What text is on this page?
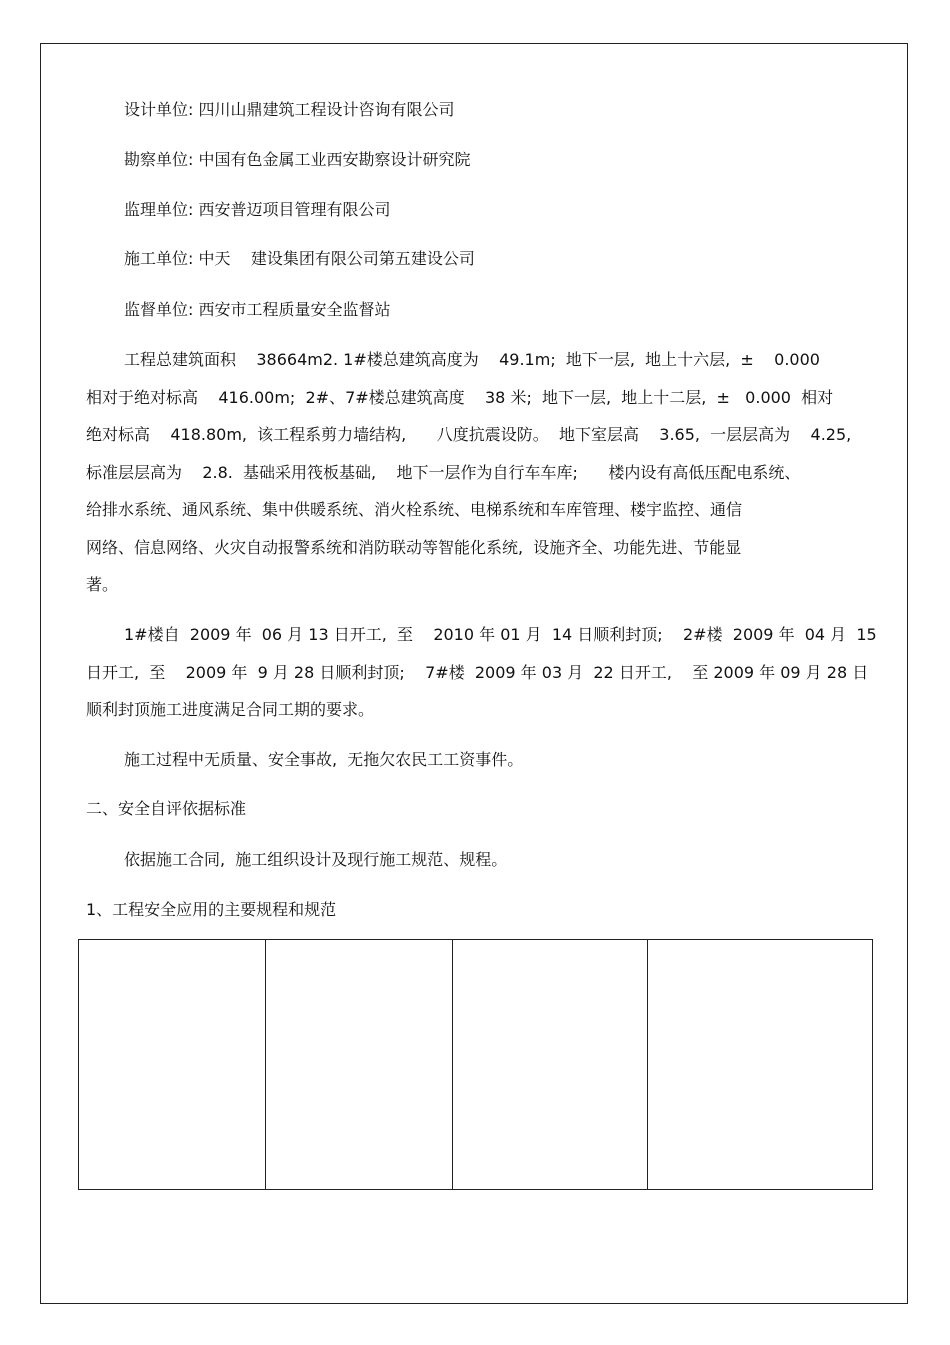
设计单位: 四川山鼎建筑工程设计咨询有限公司

勘察单位: 中国有色金属工业西安勘察设计研究院

监理单位: 西安普迈项目管理有限公司

施工单位: 中天    建设集团有限公司第五建设公司

监督单位: 西安市工程质量安全监督站

工程总建筑面积    38664m2. 1#楼总建筑高度为    49.1m;  地下一层,  地上十六层,  ±    0.000
相对于绝对标高    416.00m;  2#、7#楼总建筑高度    38 米;  地下一层,  地上十二层,  ±   0.000  相对
绝对标高    418.80m,  该工程系剪力墙结构,      八度抗震设防。  地下室层高    3.65,  一层层高为    4.25,
标准层层高为    2.8.  基础采用筏板基础,    地下一层作为自行车车库;      楼内设有高低压配电系统、
给排水系统、通风系统、集中供暖系统、消火栓系统、电梯系统和车库管理、楼宇监控、通信
网络、信息网络、火灾自动报警系统和消防联动等智能化系统,  设施齐全、功能先进、节能显
著。
1#楼自  2009 年  06 月 13 日开工,  至    2010 年 01 月  14 日顺利封顶;    2#楼  2009 年  04 月  15
日开工,  至    2009 年  9 月 28 日顺利封顶;    7#楼  2009 年 03 月  22 日开工,    至 2009 年 09 月 28 日
顺利封顶施工进度满足合同工期的要求。

施工过程中无质量、安全事故,  无拖欠农民工工资事件。

二、安全自评依据标准

依据施工合同,  施工组织设计及现行施工规范、规程。

1、工程安全应用的主要规程和规范
